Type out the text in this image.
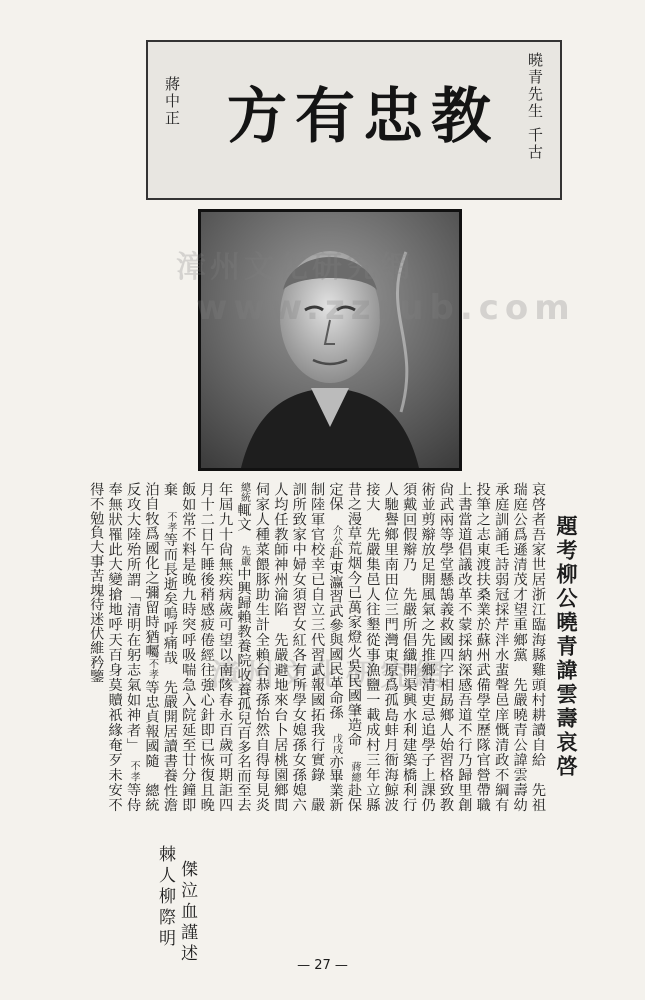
教忠有方	曉青先生 千古
蔣中正
漳州文化研究網
www.zzrub.com
漳州文化研究網	題考柳公曉青諱雲壽哀啓
哀啓者吾家世居浙江臨海縣雞頭村耕讀自給　先祖瑞庭公爲遜清茂才望重鄉黨　先嚴曉青公諱雲壽幼承庭訓誦毛詩弱冠採芹泮水蜚聲邑庠慨清政不綱有投筆之志東渡扶桑業於蘇州武備學堂歷隊官營帶職上書當道倡議改革不蒙採納深感吾道不行乃歸里創尙武兩等學堂懸鵠義救國四字相勗鄉人始習格致教術並剪辮放足開風氣之先推鄉清吏忌追學子上課仍須戴回假辮乃　先嚴所倡纖開渠興水利建築橋利行人馳譽鄉里南田位三門灣東原爲孤島蚌月衙海鯨波接大　先嚴集邑人往墾從事漁鹽一載成村三年立縣昔之漫草荒烟今已萬家燈火吳民國肇造命　蔣總赴保定保　介公赴東瀛習武參與國民革命孫　戊戌亦畢業新制陸軍官校幸已自立三代習武報國拓我行實錄　嚴訓所致家中婦女須習女紅各有所學女媳孫女孫媳六人均任教師神州淪陷　先嚴避地來台卜居桃園鄉間伺家人種菜餵豚助生計全賴台恭孫怡然自得每見炎　總統輒文　先嚴中興歸賴教養院收養孤兒百多名而至去年屆九十尙無疾病歲可望以南陔春永百歲可期詎四月十二日午睡後稍感疲倦經往強心針即已恢復且晚飯如常不料是晚九時突呼吸喘急入院延至廿分鐘即棄　不孝等而長逝矣嗚呼痛哉　先嚴開居讀書養性澹泊自牧爲國化之彌留時猶囑不孝等忠貞報國隨　總統反攻大陸殆所謂「清明在躬志氣如神者」　不孝等侍奉無狀罹此大變搶地呼天百身莫贖祇緣奄歹未安不得不勉負大事苦塊待迷伏維矜鑒
棘人柳際明 傑泣血謹述
— 27 —
